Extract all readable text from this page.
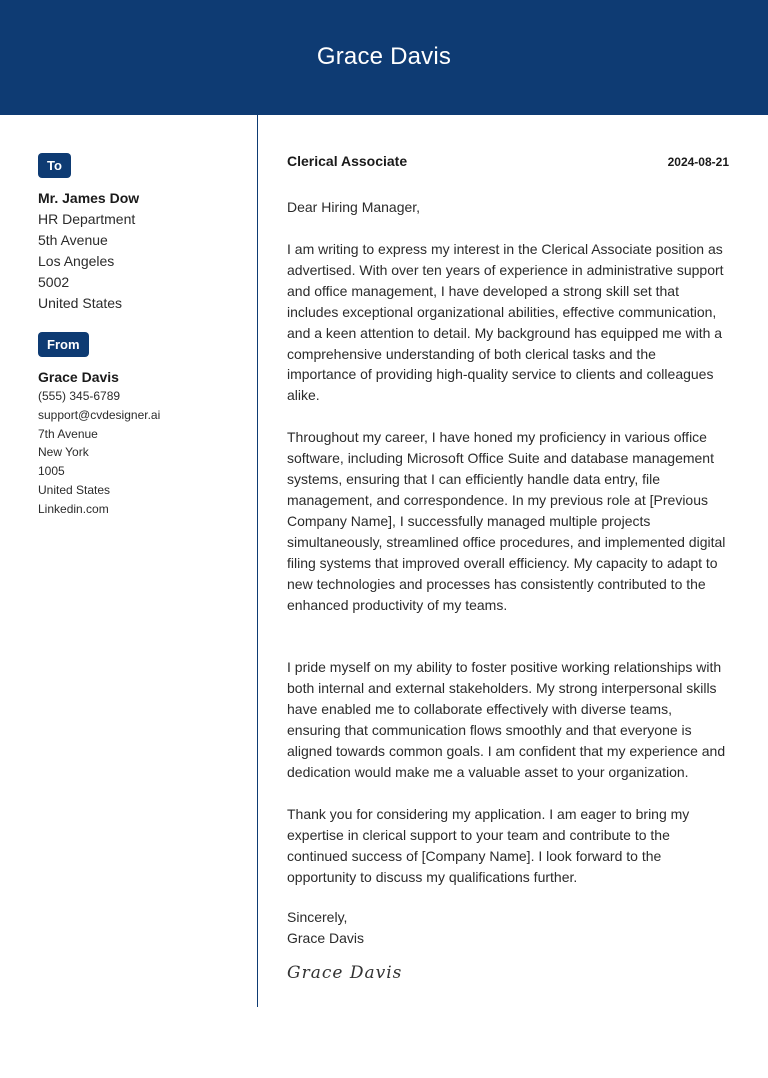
Grace Davis
To
Mr. James Dow
HR Department
5th Avenue
Los Angeles
5002
United States
From
Grace Davis
(555) 345-6789
support@cvdesigner.ai
7th Avenue
New York
1005
United States
Linkedin.com
Clerical Associate	2024-08-21
Dear Hiring Manager,
I am writing to express my interest in the Clerical Associate position as advertised. With over ten years of experience in administrative support and office management, I have developed a strong skill set that includes exceptional organizational abilities, effective communication, and a keen attention to detail. My background has equipped me with a comprehensive understanding of both clerical tasks and the importance of providing high-quality service to clients and colleagues alike.
Throughout my career, I have honed my proficiency in various office software, including Microsoft Office Suite and database management systems, ensuring that I can efficiently handle data entry, file management, and correspondence. In my previous role at [Previous Company Name], I successfully managed multiple projects simultaneously, streamlined office procedures, and implemented digital filing systems that improved overall efficiency. My capacity to adapt to new technologies and processes has consistently contributed to the enhanced productivity of my teams.
I pride myself on my ability to foster positive working relationships with both internal and external stakeholders. My strong interpersonal skills have enabled me to collaborate effectively with diverse teams, ensuring that communication flows smoothly and that everyone is aligned towards common goals. I am confident that my experience and dedication would make me a valuable asset to your organization.
Thank you for considering my application. I am eager to bring my expertise in clerical support to your team and contribute to the continued success of [Company Name]. I look forward to the opportunity to discuss my qualifications further.
Sincerely,
Grace Davis
Grace Davis
